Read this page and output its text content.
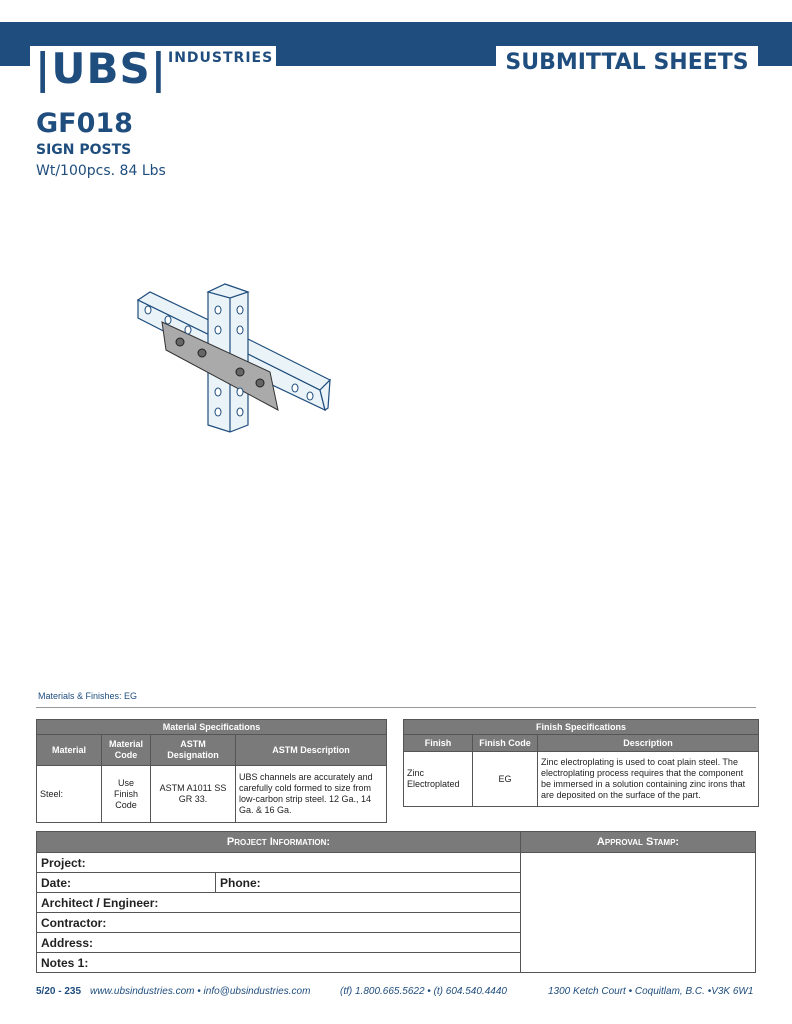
|UBS| INDUSTRIES	SUBMITTAL SHEETS
GF018
SIGN POSTS
Wt/100pcs. 84 Lbs
Materials & Finishes: EG
Material Specifications			
Material	Material Code	ASTM Designation	ASTM Description
Steel:	Use Finish Code	ASTM A1011 SS GR 33.	UBS channels are accurately and carefully cold formed to size from low-carbon strip steel. 12 Ga., 14 Ga. & 16 Ga.
Finish Specifications		
Finish	Finish Code	Description
Zinc Electroplated	EG	Zinc electroplating is used to coat plain steel. The electroplating process requires that the component be immersed in a solution containing zinc irons that are deposited on the surface of the part.
Project Information:		Approval Stamp:
Project:		
Date:	Phone:	
Architect / Engineer:		
Contractor:		
Address:		
Notes 1:		
5/20 - 235 www.ubsindustries.com • info@ubsindustries.com	(tf) 1.800.665.5622 • (t) 604.540.4440	1300 Ketch Court • Coquitlam, B.C. •V3K 6W1
